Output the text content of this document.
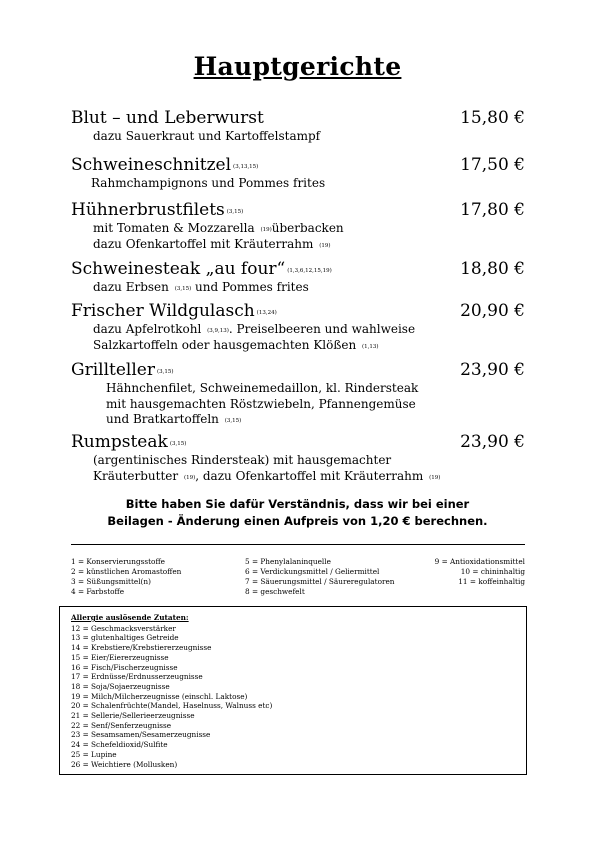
Hauptgerichte
Blut – und Leberwurst	15,80 €
dazu Sauerkraut und Kartoffelstampf
Schweineschnitzel $^{(3,13,15)}$	17,50 €
Rahmchampignons und Pommes frites
Hühnerbrustfilets $^{(3,15)}$	17,80 €
mit Tomaten & Mozzarella $^{(19)}$überbacken
dazu Ofenkartoffel mit Kräuterrahm $^{(19)}$
Schweinesteak „au four“ $^{(1,3,6,12,15,19)}$	18,80 €
dazu Erbsen $^{(3,15)}$ und Pommes frites
Frischer Wildgulasch $^{(13,24)}$	20,90 €
dazu Apfelrotkohl $^{(3,9,13)}$. Preiselbeeren und wahlweise
Salzkartoffeln oder hausgemachten Klößen $^{(1,13)}$
Grillteller $^{(3,15)}$	23,90 €
Hähnchenfilet, Schweinemedaillon, kl. Rindersteak
mit hausgemachten Röstzwiebeln, Pfannengemüse
und Bratkartoffeln $^{(3,15)}$
Rumpsteak $^{(3,15)}$	23,90 €
(argentinisches Rindersteak) mit hausgemachter
Kräuterbutter $^{(19)}$, dazu Ofenkartoffel mit Kräuterrahm $^{(19)}$
Bitte haben Sie dafür Verständnis, dass wir bei einer
Beilagen - Änderung einen Aufpreis von 1,20 € berechnen.
1 = Konservierungsstoffe
2 = künstlichen Aromastoffen
3 = Süßungsmittel(n)
4 = Farbstoffe
5 = Phenylalaninquelle
6 = Verdickungsmittel / Geliermittel
7 = Säuerungsmittel / Säureregulatoren
8 = geschwefelt
9 = Antioxidationsmittel
10 = chininhaltig
11 = koffeinhaltig
Allergie auslösende Zutaten:
12 = Geschmacksverstärker
13 = glutenhaltiges Getreide
14 = Krebstiere/Krebstiererzeugnisse
15 = Eier/Eiererzeugnisse
16 = Fisch/Fischerzeugnisse
17 = Erdnüsse/Erdnusserzeugnisse
18 = Soja/Sojaerzeugnisse
19 = Milch/Milcherzeugnisse (einschl. Laktose)
20 = Schalenfrüchte(Mandel, Haselnuss, Walnuss etc)
21 = Sellerie/Sellerieerzeugnisse
22 = Senf/Senferzeugnisse
23 = Sesamsamen/Sesamerzeugnisse
24 = Schefeldioxid/Sulfite
25 = Lupine
26 = Weichtiere (Mollusken)
